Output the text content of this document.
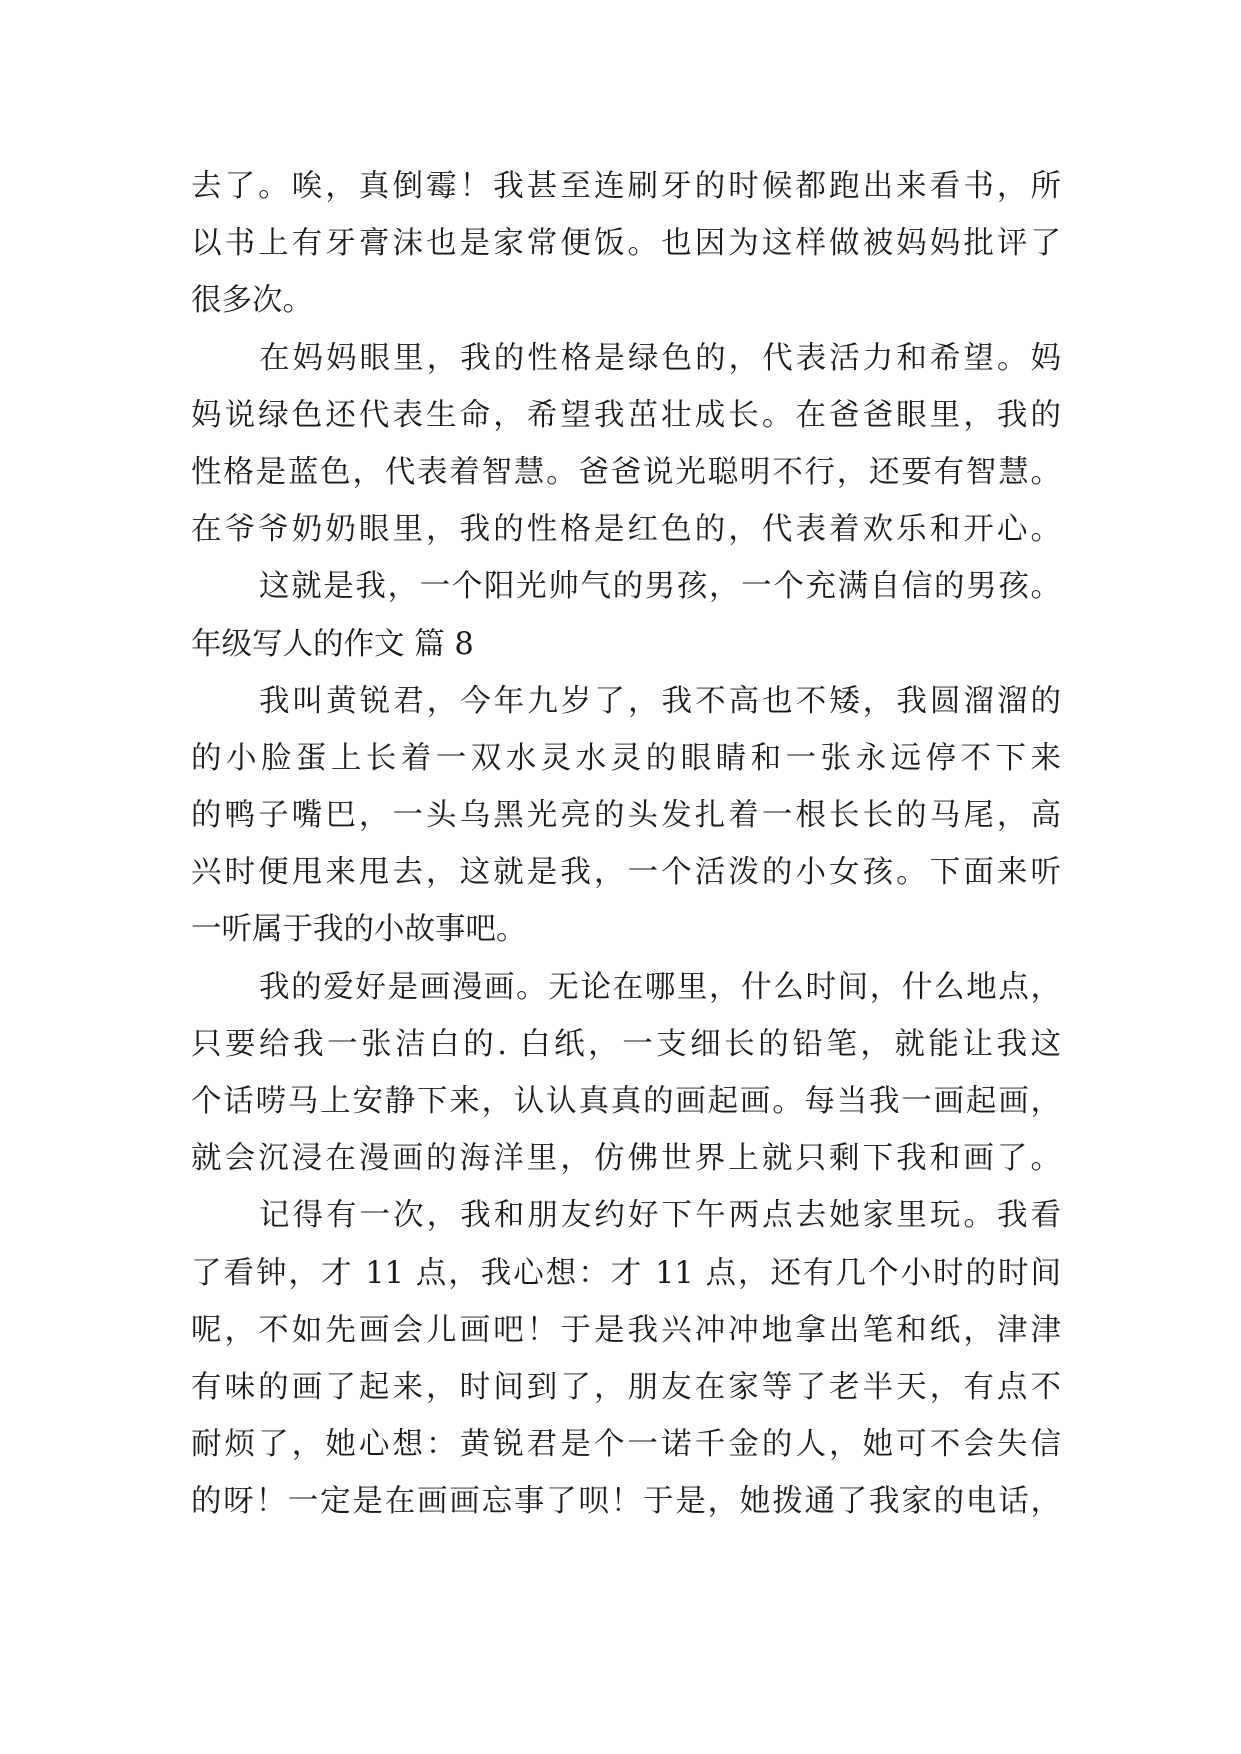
去了。唉，真倒霉！我甚至连刷牙的时候都跑出来看书，所
以书上有牙膏沫也是家常便饭。也因为这样做被妈妈批评了
很多次。
在妈妈眼里，我的性格是绿色的，代表活力和希望。妈
妈说绿色还代表生命，希望我茁壮成长。在爸爸眼里，我的
性格是蓝色，代表着智慧。爸爸说光聪明不行，还要有智慧。
在爷爷奶奶眼里，我的性格是红色的，代表着欢乐和开心。
这就是我，一个阳光帅气的男孩，一个充满自信的男孩。
年级写人的作文 篇 8
我叫黄锐君，今年九岁了，我不高也不矮，我圆溜溜的
的小脸蛋上长着一双水灵水灵的眼睛和一张永远停不下来
的鸭子嘴巴，一头乌黑光亮的头发扎着一根长长的马尾，高
兴时便甩来甩去，这就是我，一个活泼的小女孩。下面来听
一听属于我的小故事吧。
我的爱好是画漫画。无论在哪里，什么时间，什么地点，
只要给我一张洁白的. 白纸，一支细长的铅笔，就能让我这
个话唠马上安静下来，认认真真的画起画。每当我一画起画，
就会沉浸在漫画的海洋里，仿佛世界上就只剩下我和画了。
记得有一次，我和朋友约好下午两点去她家里玩。我看
了看钟，才 11 点，我心想：才 11 点，还有几个小时的时间
呢，不如先画会儿画吧！于是我兴冲冲地拿出笔和纸，津津
有味的画了起来，时间到了，朋友在家等了老半天，有点不
耐烦了，她心想：黄锐君是个一诺千金的人，她可不会失信
的呀！一定是在画画忘事了呗！于是，她拨通了我家的电话，
